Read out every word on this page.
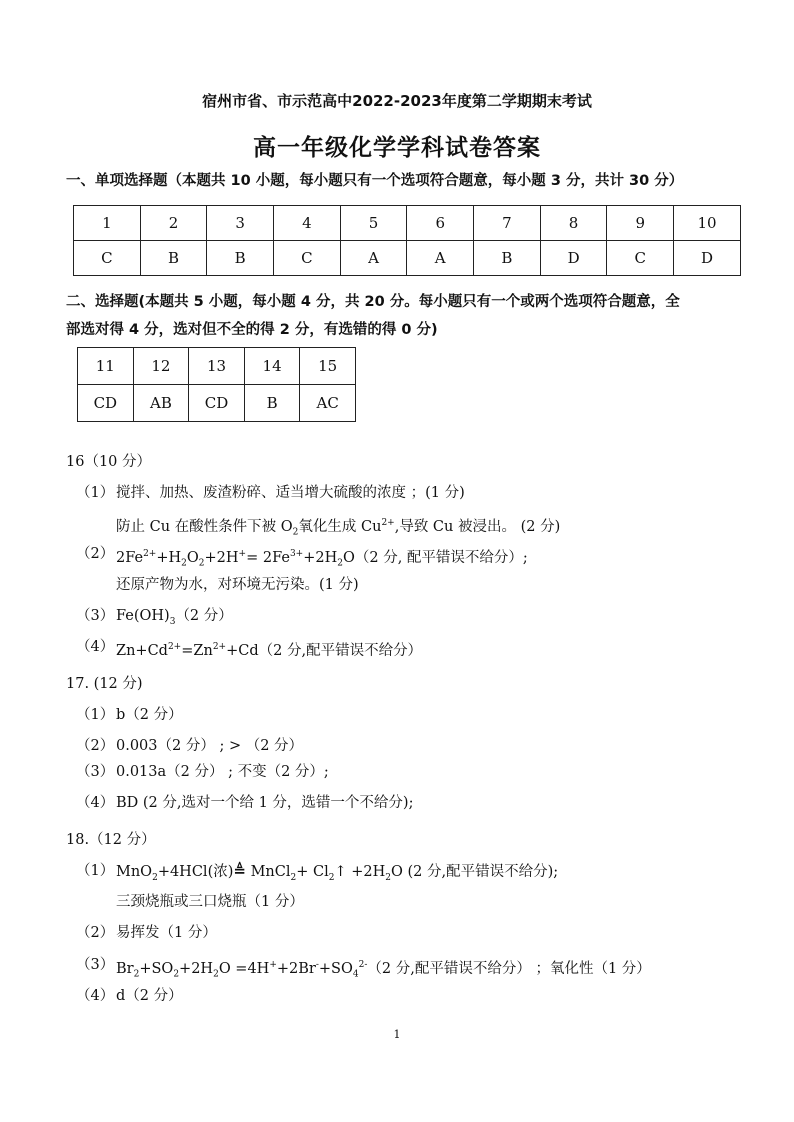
宿州市省、市示范高中2022-2023年度第二学期期末考试
高一年级化学学科试卷答案
一、单项选择题（本题共 10 小题，每小题只有一个选项符合题意，每小题 3 分，共计 30 分）
1	2	3	4	5	6	7	8	9	10
C	B	B	C	A	A	B	D	C	D
二、选择题(本题共 5 小题，每小题 4 分，共 20 分。每小题只有一个或两个选项符合题意，全
部选对得 4 分，选对但不全的得 2 分，有选错的得 0 分)
11	12	13	14	15
CD	AB	CD	B	AC
16（10 分）
（1） 搅拌、加热、废渣粉碎、适当增大硫酸的浓度 ；(1 分)
防止 Cu 在酸性条件下被 $O_2$氧化生成 $Cu^{2+}$,导致 Cu 被浸出。 (2 分)
（2） $2Fe^{2+}+H_2O_2+2H^+= 2Fe^{3+}+2H_2O(2$ 分, 配平错误不给分）;
还原产物为水，对环境无污染。(1 分)
（3） $Fe(OH)_3(2$ 分）
（4） $Zn+Cd^{2+}=Zn^{2+}+Cd(2$ 分,配平错误不给分）
17. (12 分)
（1） b（2 分）
（2） 0.003（2 分） ; > （2 分）
（3） 0.013a（2 分） ; 不变（2 分）;
（4） BD (2 分,选对一个给 1 分，选错一个不给分);
18.（12 分）
（1） MnO$_2$+4HCl(浓)≜ MnCl$_2$+ $Cl_2↑ +2H_2O$ (2 分,配平错误不给分);
三颈烧瓶或三口烧瓶（1 分）
（2） 易挥发（1 分）
（3） $Br_2+SO_2+2H_2O =4H^++2Br^-+SO_4^{2-}(2$ 分,配平错误不给分） ；氧化性（1 分）
（4） d（2 分）
1
